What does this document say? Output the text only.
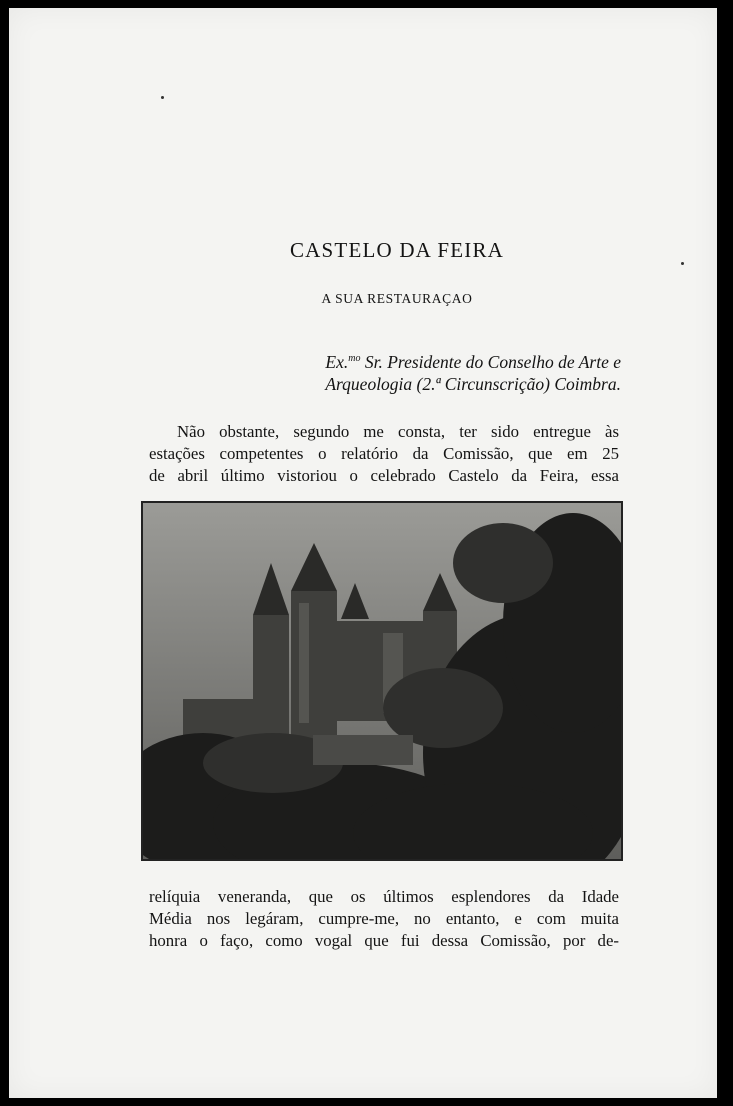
CASTELO DA FEIRA
A SUA RESTAURAÇAO
Ex.$^{mo}$ Sr. Presidente do Conselho de Arte e
Arqueologia (2.ª Circunscrição) Coimbra.
Não obstante, segundo me consta, ter sido entregue às
estações competentes o relatório da Comissão, que em 25
de abril último vistoriou o celebrado Castelo da Feira, essa
relíquia veneranda, que os últimos esplendores da Idade
Média nos legáram, cumpre-me, no entanto, e com muita
honra o faço, como vogal que fui dessa Comissão, por de-
